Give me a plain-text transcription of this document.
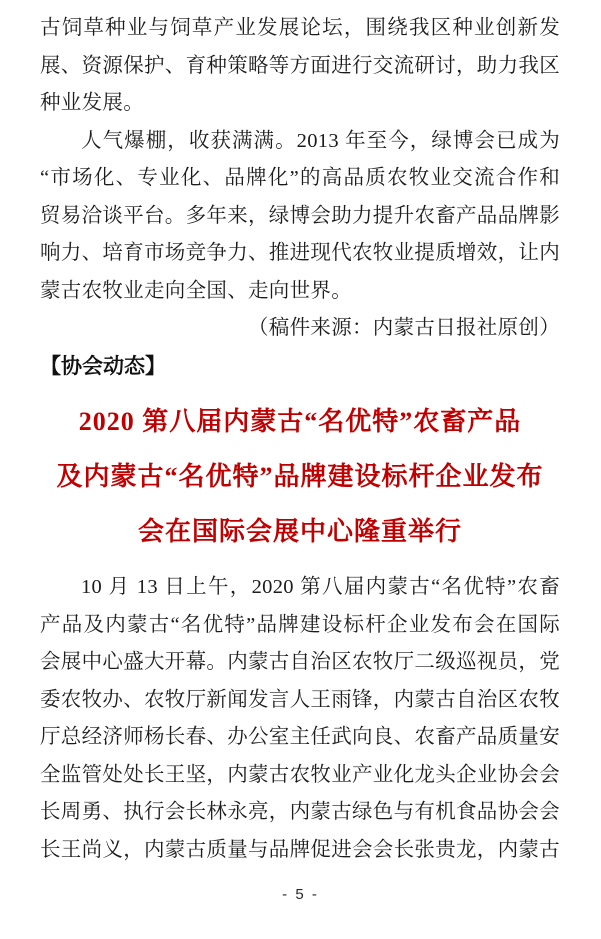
古饲草种业与饲草产业发展论坛，围绕我区种业创新发
展、资源保护、育种策略等方面进行交流研讨，助力我区
种业发展。
人气爆棚，收获满满。2013 年至今，绿博会已成为
“市场化、专业化、品牌化”的高品质农牧业交流合作和
贸易洽谈平台。多年来，绿博会助力提升农畜产品品牌影
响力、培育市场竞争力、推进现代农牧业提质增效，让内
蒙古农牧业走向全国、走向世界。
（稿件来源：内蒙古日报社原创）
【协会动态】
2020 第八届内蒙古“名优特”农畜产品
及内蒙古“名优特”品牌建设标杆企业发布
会在国际会展中心隆重举行
10 月 13 日上午，2020 第八届内蒙古“名优特”农畜
产品及内蒙古“名优特”品牌建设标杆企业发布会在国际
会展中心盛大开幕。内蒙古自治区农牧厅二级巡视员，党
委农牧办、农牧厅新闻发言人王雨锋，内蒙古自治区农牧
厅总经济师杨长春、办公室主任武向良、农畜产品质量安
全监管处处长王坚，内蒙古农牧业产业化龙头企业协会会
长周勇、执行会长林永亮，内蒙古绿色与有机食品协会会
长王尚义，内蒙古质量与品牌促进会会长张贵龙，内蒙古
- 5 -
